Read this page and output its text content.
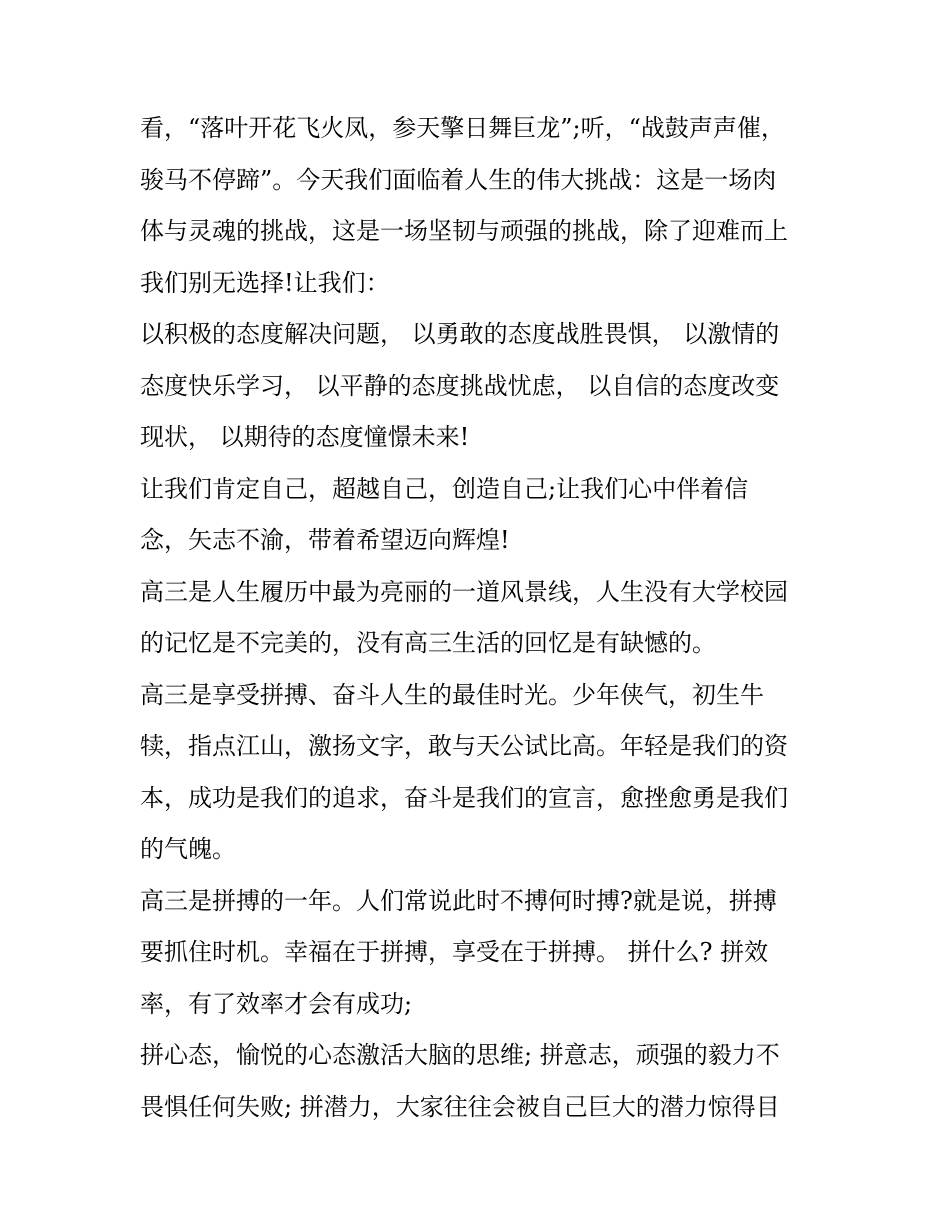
看，“落叶开花飞火凤，参天擎日舞巨龙”;听，“战鼓声声催，
骏马不停蹄”。今天我们面临着人生的伟大挑战：这是一场肉
体与灵魂的挑战，这是一场坚韧与顽强的挑战，除了迎难而上
我们别无选择!让我们：
以积极的态度解决问题， 以勇敢的态度战胜畏惧， 以激情的
态度快乐学习， 以平静的态度挑战忧虑， 以自信的态度改变
现状， 以期待的态度憧憬未来!
让我们肯定自己，超越自己，创造自己;让我们心中伴着信
念，矢志不渝，带着希望迈向辉煌!
高三是人生履历中最为亮丽的一道风景线，人生没有大学校园
的记忆是不完美的，没有高三生活的回忆是有缺憾的。
高三是享受拼搏、奋斗人生的最佳时光。少年侠气，初生牛
犊，指点江山，激扬文字，敢与天公试比高。年轻是我们的资
本，成功是我们的追求，奋斗是我们的宣言，愈挫愈勇是我们
的气魄。
高三是拼搏的一年。人们常说此时不搏何时搏?就是说，拼搏
要抓住时机。幸福在于拼搏，享受在于拼搏。 拼什么? 拼效
率，有了效率才会有成功;
拼心态，愉悦的心态激活大脑的思维; 拼意志，顽强的毅力不
畏惧任何失败; 拼潜力，大家往往会被自己巨大的潜力惊得目
